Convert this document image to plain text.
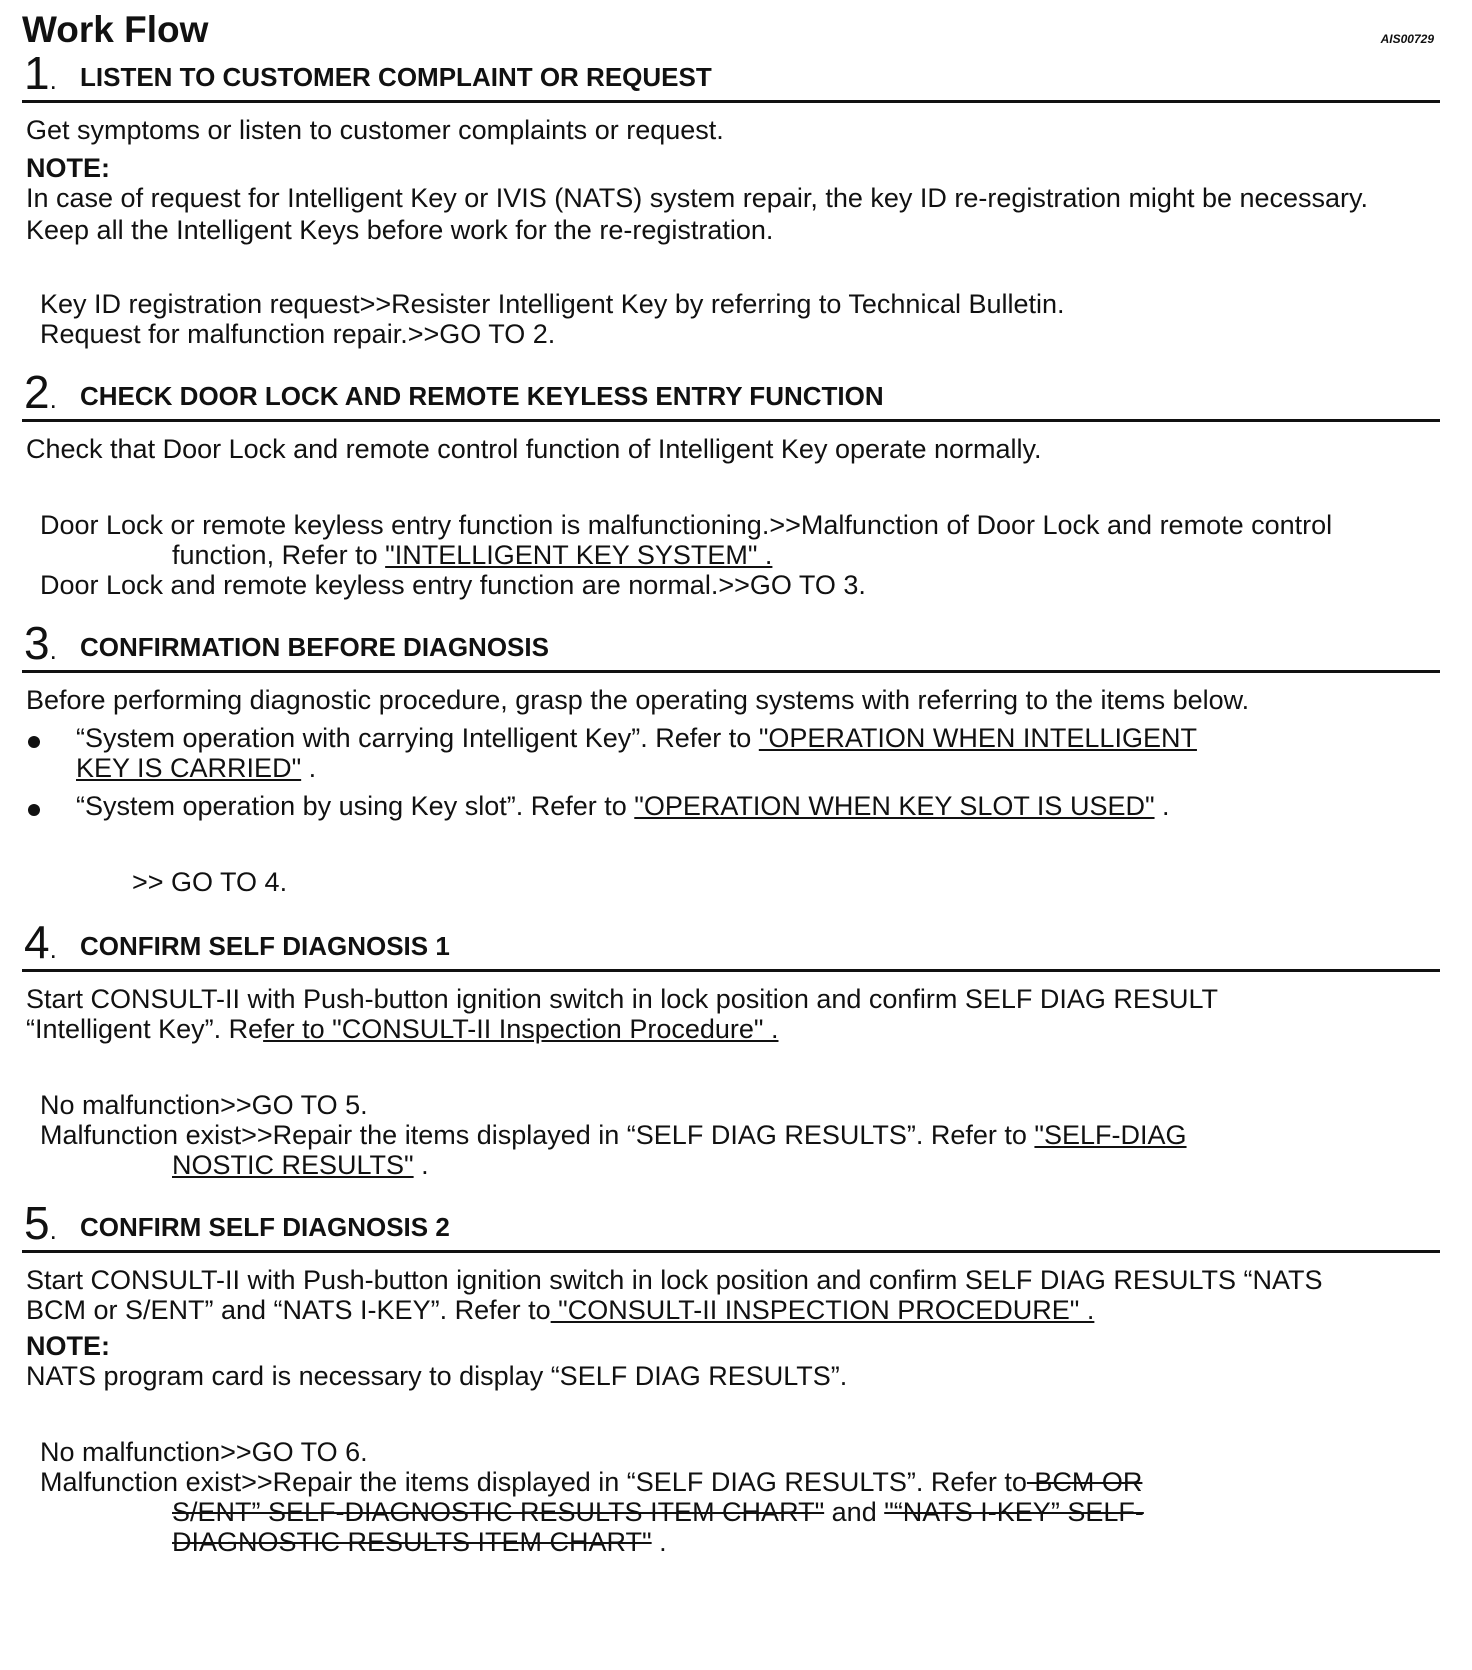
Work Flow	AIS00729
1. LISTEN TO CUSTOMER COMPLAINT OR REQUEST
Get symptoms or listen to customer complaints or request.
NOTE:
In case of request for Intelligent Key or IVIS (NATS) system repair, the key ID re-registration might be necessary. Keep all the Intelligent Keys before work for the re-registration.
Key ID registration request>>Resister Intelligent Key by referring to Technical Bulletin.
Request for malfunction repair.>>GO TO 2.
2. CHECK DOOR LOCK AND REMOTE KEYLESS ENTRY FUNCTION
Check that Door Lock and remote control function of Intelligent Key operate normally.
Door Lock or remote keyless entry function is malfunctioning.>>Malfunction of Door Lock and remote control
function, Refer to "INTELLIGENT KEY SYSTEM" .
Door Lock and remote keyless entry function are normal.>>GO TO 3.
3. CONFIRMATION BEFORE DIAGNOSIS
Before performing diagnostic procedure, grasp the operating systems with referring to the items below.
“System operation with carrying Intelligent Key”. Refer to "OPERATION WHEN INTELLIGENT
KEY IS CARRIED" .
“System operation by using Key slot”. Refer to "OPERATION WHEN KEY SLOT IS USED" .
>> GO TO 4.
4. CONFIRM SELF DIAGNOSIS 1
Start CONSULT-II with Push-button ignition switch in lock position and confirm SELF DIAG RESULT
“Intelligent Key”. Refer to "CONSULT-II Inspection Procedure" .
No malfunction>>GO TO 5.
Malfunction exist>>Repair the items displayed in “SELF DIAG RESULTS”. Refer to "SELF-DIAG
NOSTIC RESULTS" .
5. CONFIRM SELF DIAGNOSIS 2
Start CONSULT-II with Push-button ignition switch in lock position and confirm SELF DIAG RESULTS “NATS
BCM or S/ENT” and “NATS I-KEY”. Refer to "CONSULT-II INSPECTION PROCEDURE" .
NOTE:
NATS program card is necessary to display “SELF DIAG RESULTS”.
No malfunction>>GO TO 6.
Malfunction exist>>Repair the items displayed in “SELF DIAG RESULTS”. Refer to BCM OR
S/ENT” SELF-DIAGNOSTIC RESULTS ITEM CHART" and "“NATS I-KEY” SELF-
DIAGNOSTIC RESULTS ITEM CHART" .
